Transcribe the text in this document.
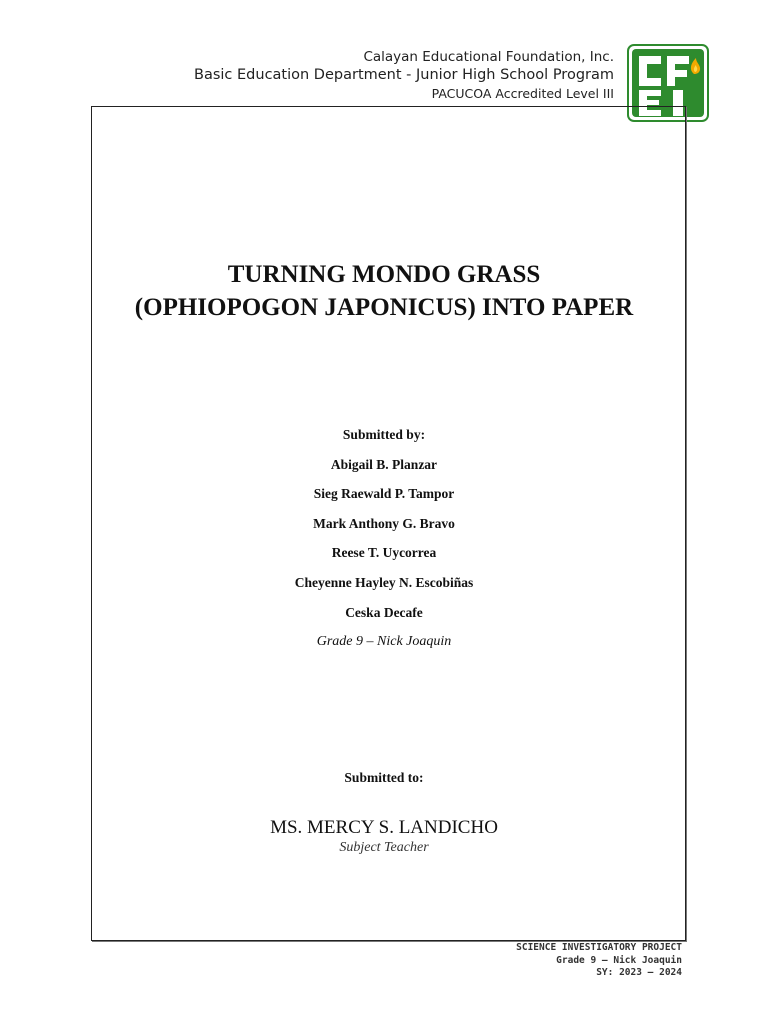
Calayan Educational Foundation, Inc.
Basic Education Department - Junior High School Program
PACUCOA Accredited Level III
TURNING MONDO GRASS
(OPHIOPOGON JAPONICUS) INTO PAPER
Submitted by:
Abigail B. Planzar
Sieg Raewald P. Tampor
Mark Anthony G. Bravo
Reese T. Uycorrea
Cheyenne Hayley N. Escobiñas
Ceska Decafe
Grade 9 – Nick Joaquin
Submitted to:
MS. MERCY S. LANDICHO
Subject Teacher
SCIENCE INVESTIGATORY PROJECT
Grade 9 – Nick Joaquin
SY: 2023 – 2024
